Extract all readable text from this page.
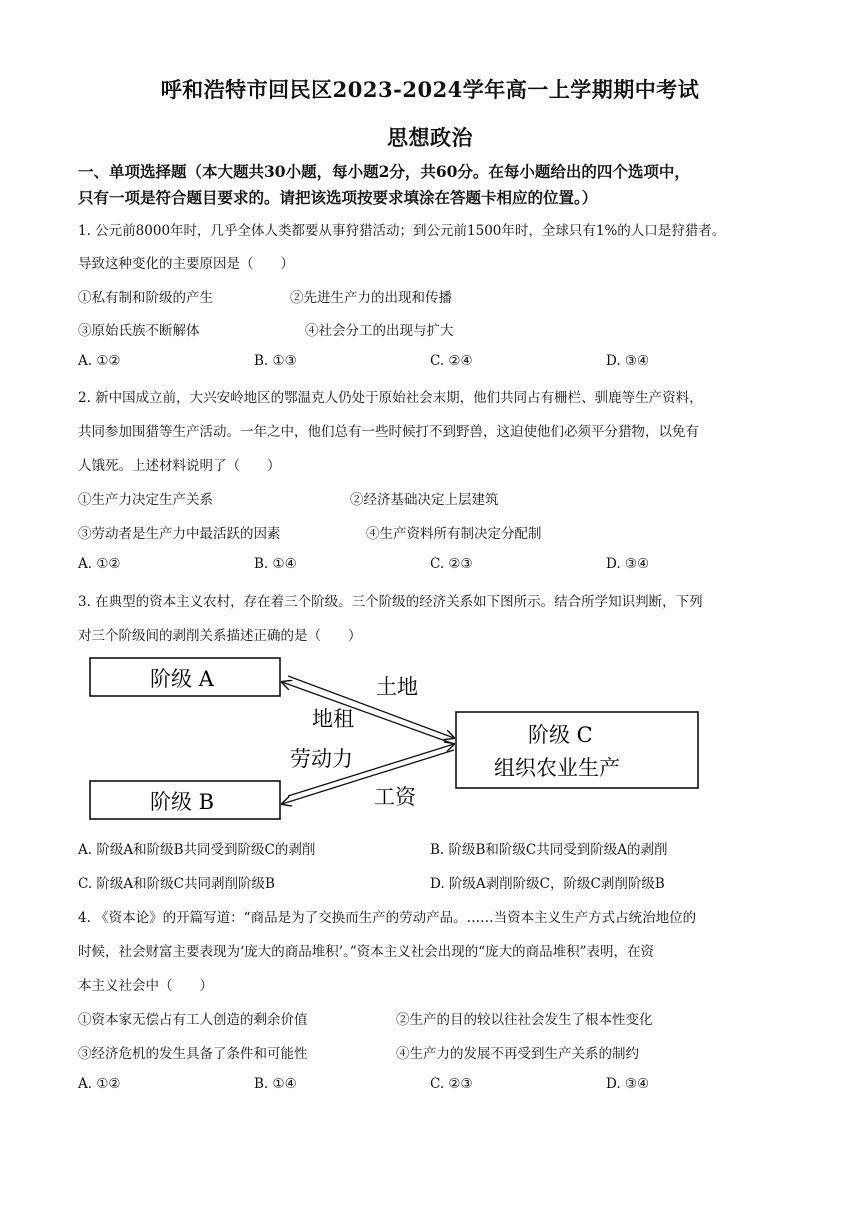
呼和浩特市回民区2023-2024学年高一上学期期中考试
思想政治
一、单项选择题（本大题共30小题，每小题2分，共60分。在每小题给出的四个选项中，
只有一项是符合题目要求的。请把该选项按要求填涂在答题卡相应的位置。）
1. 公元前8000年时，几乎全体人类都要从事狩猎活动；到公元前1500年时，全球只有1%的人口是狩猎者。
导致这种变化的主要原因是（　　）
①私有制和阶级的产生	②先进生产力的出现和传播
③原始氏族不断解体	④社会分工的出现与扩大
A. ①②	B. ①③	C. ②④	D. ③④
2. 新中国成立前，大兴安岭地区的鄂温克人仍处于原始社会末期，他们共同占有栅栏、驯鹿等生产资料，
共同参加围猎等生产活动。一年之中，他们总有一些时候打不到野兽，这迫使他们必须平分猎物，以免有
人饿死。上述材料说明了（　　）
①生产力决定生产关系	②经济基础决定上层建筑
③劳动者是生产力中最活跃的因素	④生产资料所有制决定分配制
A. ①②	B. ①④	C. ②③	D. ③④
3. 在典型的资本主义农村，存在着三个阶级。三个阶级的经济关系如下图所示。结合所学知识判断，下列
对三个阶级间的剥削关系描述正确的是（　　）
阶级 A
阶级 B
阶级 C
组织农业生产
土地
地租
劳动力
工资
A. 阶级A和阶级B共同受到阶级C的剥削	B. 阶级B和阶级C共同受到阶级A的剥削
C. 阶级A和阶级C共同剥削阶级B	D. 阶级A剥削阶级C，阶级C剥削阶级B
4. 《资本论》的开篇写道：“商品是为了交换而生产的劳动产品。……当资本主义生产方式占统治地位的
时候，社会财富主要表现为‘庞大的商品堆积’。”资本主义社会出现的“庞大的商品堆积”表明，在资
本主义社会中（　　）
①资本家无偿占有工人创造的剩余价值	②生产的目的较以往社会发生了根本性变化
③经济危机的发生具备了条件和可能性	④生产力的发展不再受到生产关系的制约
A. ①②	B. ①④	C. ②③	D. ③④
